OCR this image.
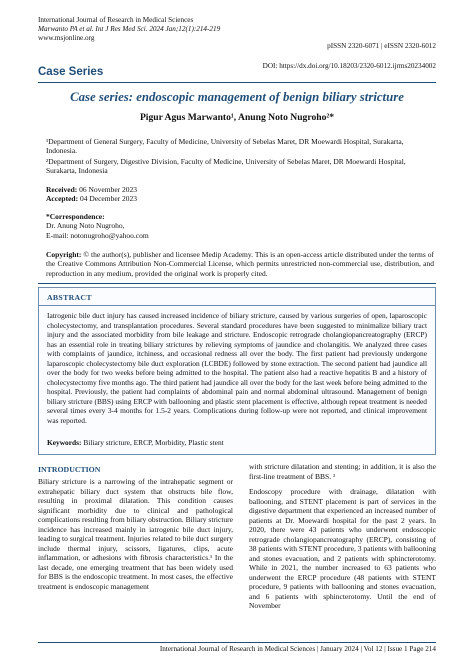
International Journal of Research in Medical Sciences
Marwanto PA et al. Int J Res Med Sci. 2024 Jan;12(1):214-219
www.msjonline.org
pISSN 2320-6071 | eISSN 2320-6012
Case Series	DOI: https://dx.doi.org/10.18203/2320-6012.ijrms20234002
Case series: endoscopic management of benign biliary stricture
Pigur Agus Marwanto¹, Anung Noto Nugroho²*

¹Department of General Surgery, Faculty of Medicine, University of Sebelas Maret, DR Moewardi Hospital, Surakarta, Indonesia.

²Department of Surgery, Digestive Division, Faculty of Medicine, University of Sebelas Maret, DR Moewardi Hospital, Surakarta, Indonesia

Received: 06 November 2023
Accepted: 04 December 2023
*Correspondence:
Dr. Anung Noto Nugroho,
E-mail: notonugroho@yahoo.com
Copyright: © the author(s), publisher and licensee Medip Academy. This is an open-access article distributed under the terms of the Creative Commons Attribution Non-Commercial License, which permits unrestricted non-commercial use, distribution, and reproduction in any medium, provided the original work is properly cited.
ABSTRACT
Iatrogenic bile duct injury has caused increased incidence of biliary stricture, caused by various surgeries of open, laparoscopic cholecystectomy, and transplantation procedures. Several standard procedures have been suggested to minimalize biliary tract injury and the associated morbidity from bile leakage and stricture. Endoscopic retrograde cholangiopancreatography (ERCP) has an essential role in treating biliary strictures by relieving symptoms of jaundice and cholangitis. We analyzed three cases with complaints of jaundice, itchiness, and occasional redness all over the body. The first patient had previously undergone laparoscopic cholecystectomy bile duct exploration (LCBDE) followed by stone extraction. The second patient had jaundice all over the body for two weeks before being admitted to the hospital. The patient also had a reactive hepatitis B and a history of cholecystectomy five months ago. The third patient had jaundice all over the body for the last week before being admitted to the hospital. Previously, the patient had complaints of abdominal pain and normal abdominal ultrasound. Management of benign biliary stricture (BBS) using ERCP with ballooning and plastic stent placement is effective, although repeat treatment is needed several times every 3-4 months for 1.5-2 years. Complications during follow-up were not reported, and clinical improvement was reported.
Keywords: Biliary stricture, ERCP, Morbidity, Plastic stent
INTRODUCTION
Biliary stricture is a narrowing of the intrahepatic segment or extrahepatic biliary duct system that obstructs bile flow, resulting in proximal dilatation. This condition causes significant morbidity due to clinical and pathological complications resulting from biliary obstruction. Biliary stricture incidence has increased mainly in iatrogenic bile duct injury, leading to surgical treatment. Injuries related to bile duct surgery include thermal injury, scissors, ligatures, clips, acute inflammation, or adhesions with fibrosis characteristics.¹ In the last decade, one emerging treatment that has been widely used for BBS is the endoscopic treatment. In most cases, the effective treatment is endoscopic management

with stricture dilatation and stenting; in addition, it is also the first-line treatment of BBS. ²

Endoscopy procedure with drainage, dilatation with ballooning, and STENT placement is part of services in the digestive department that experienced an increased number of patients at Dr. Moewardi hospital for the past 2 years. In 2020, there were 43 patients who underwent endoscopic retrograde cholangiopancreatography (ERCP), consisting of 38 patients with STENT procedure, 3 patients with ballooning and stones evacuation, and 2 patients with sphincterotomy. While in 2021, the number increased to 63 patients who underwent the ERCP procedure (48 patients with STENT procedure, 9 patients with ballooning and stones evacuation, and 6 patients with sphincterotomy. Until the end of November

International Journal of Research in Medical Sciences | January 2024 | Vol 12 | Issue 1 Page 214
